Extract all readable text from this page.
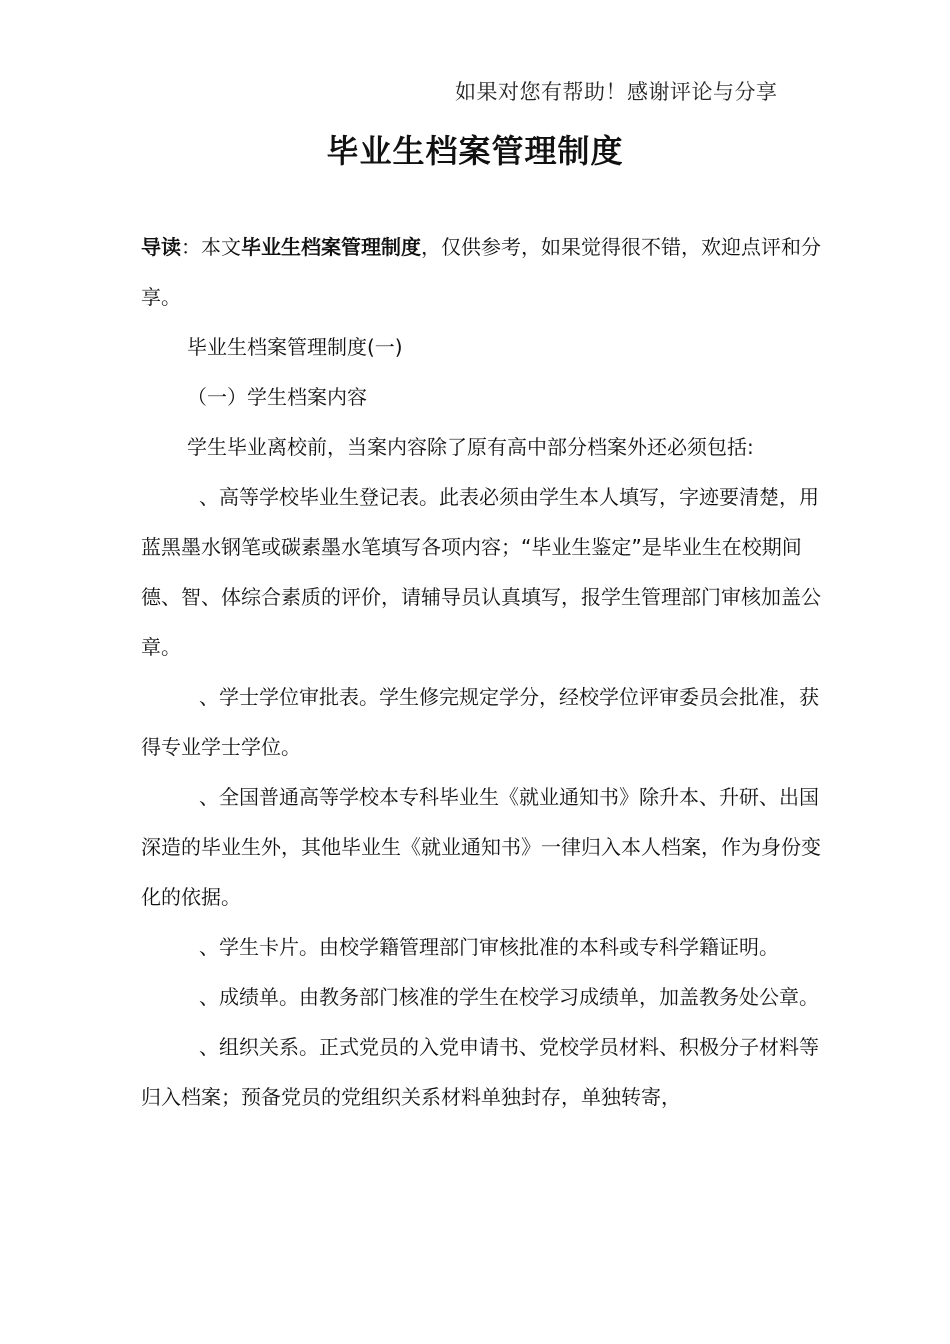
如果对您有帮助！感谢评论与分享
毕业生档案管理制度

导读：本文毕业生档案管理制度，仅供参考，如果觉得很不错，欢迎点评和分享。

毕业生档案管理制度(一)

（一）学生档案内容

学生毕业离校前，当案内容除了原有高中部分档案外还必须包括:

、高等学校毕业生登记表。此表必须由学生本人填写，字迹要清楚，用蓝黑墨水钢笔或碳素墨水笔填写各项内容；“毕业生鉴定”是毕业生在校期间德、智、体综合素质的评价，请辅导员认真填写，报学生管理部门审核加盖公章。

、学士学位审批表。学生修完规定学分，经校学位评审委员会批准，获得专业学士学位。

、全国普通高等学校本专科毕业生《就业通知书》除升本、升研、出国深造的毕业生外，其他毕业生《就业通知书》一律归入本人档案，作为身份变化的依据。

、学生卡片。由校学籍管理部门审核批准的本科或专科学籍证明。

、成绩单。由教务部门核准的学生在校学习成绩单，加盖教务处公章。

、组织关系。正式党员的入党申请书、党校学员材料、积极分子材料等归入档案；预备党员的党组织关系材料单独封存，单独转寄，
